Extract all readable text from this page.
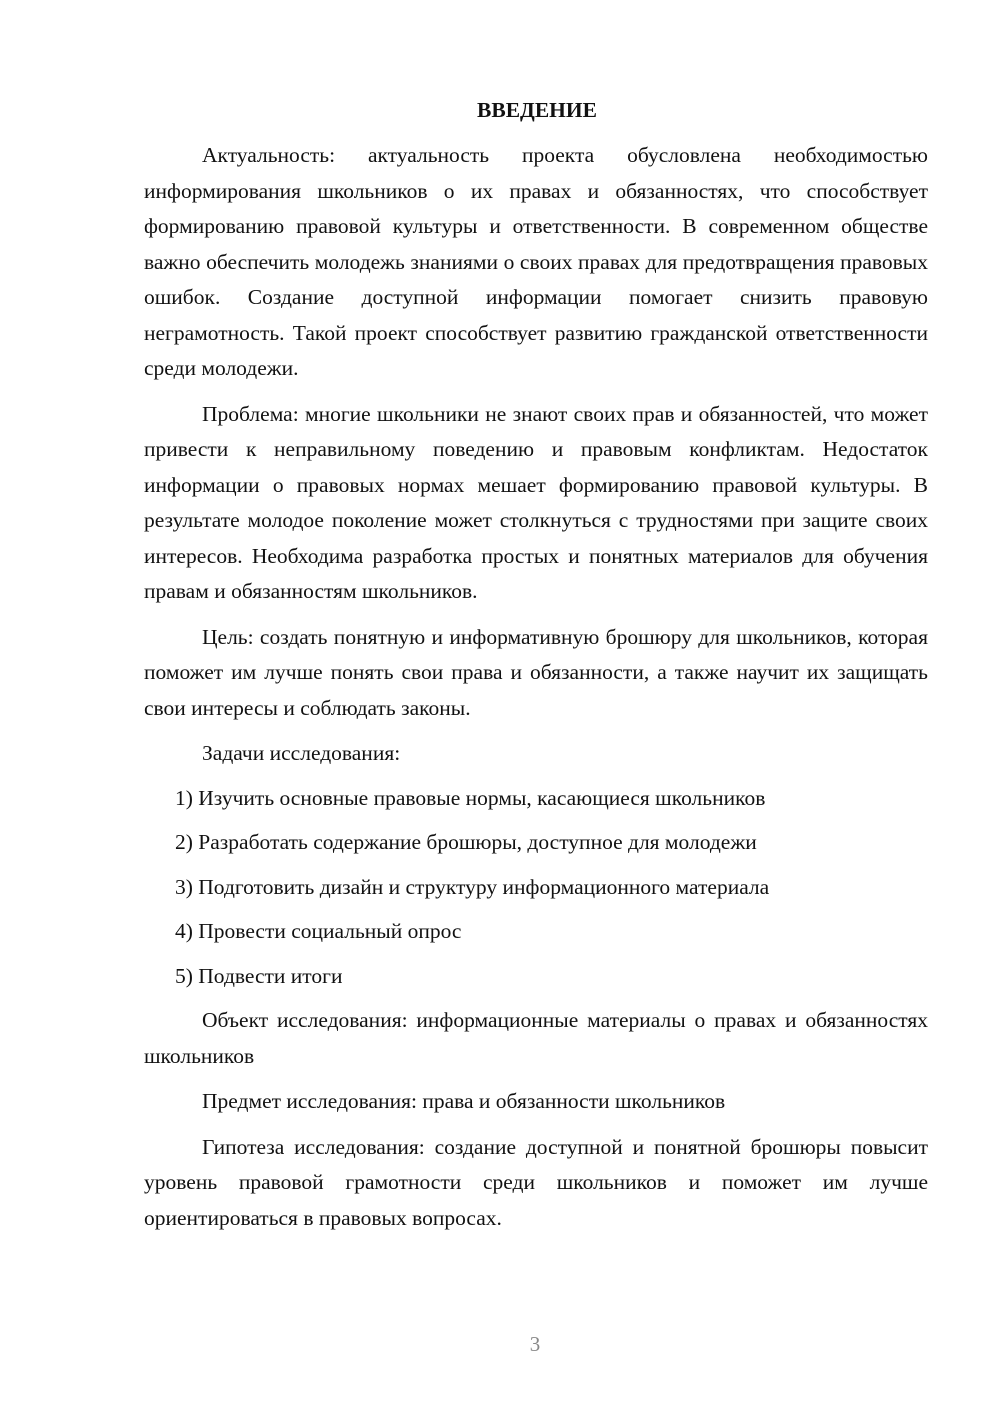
ВВЕДЕНИЕ

Актуальность: актуальность проекта обусловлена необходимостью информирования школьников о их правах и обязанностях, что способствует формированию правовой культуры и ответственности. В современном обществе важно обеспечить молодежь знаниями о своих правах для предотвращения правовых ошибок. Создание доступной информации помогает снизить правовую неграмотность. Такой проект способствует развитию гражданской ответственности среди молодежи.

Проблема: многие школьники не знают своих прав и обязанностей, что может привести к неправильному поведению и правовым конфликтам. Недостаток информации о правовых нормах мешает формированию правовой культуры. В результате молодое поколение может столкнуться с трудностями при защите своих интересов. Необходима разработка простых и понятных материалов для обучения правам и обязанностям школьников.

Цель: создать понятную и информативную брошюру для школьников, которая поможет им лучше понять свои права и обязанности, а также научит их защищать свои интересы и соблюдать законы.

Задачи исследования:

1) Изучить основные правовые нормы, касающиеся школьников

2) Разработать содержание брошюры, доступное для молодежи

3) Подготовить дизайн и структуру информационного материала

4) Провести социальный опрос

5) Подвести итоги

Объект исследования: информационные материалы о правах и обязанностях школьников

Предмет исследования: права и обязанности школьников

Гипотеза исследования: создание доступной и понятной брошюры повысит уровень правовой грамотности среди школьников и поможет им лучше ориентироваться в правовых вопросах.

3
